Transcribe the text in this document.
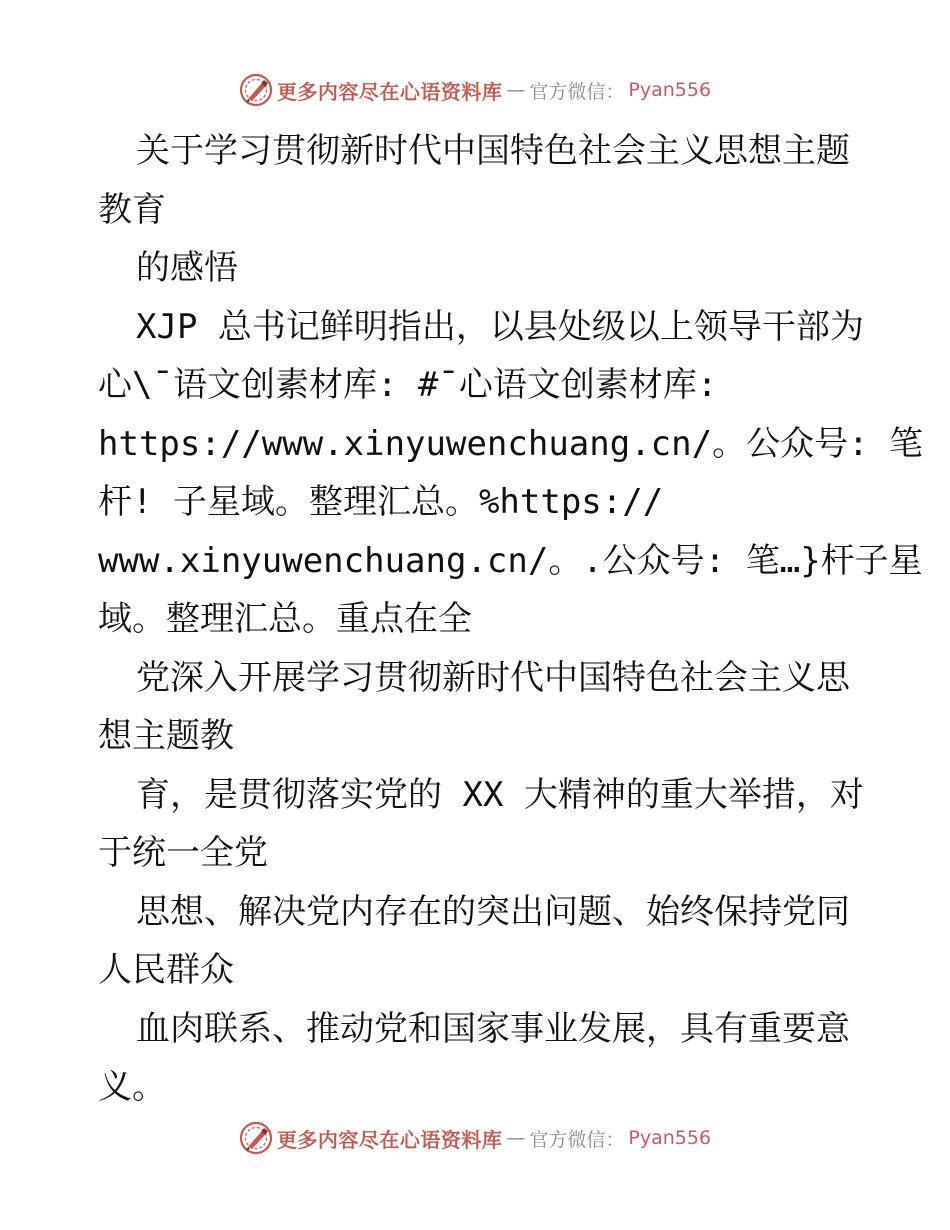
更多内容尽在心语资料库 — 官方微信： Pyan556
关于学习贯彻新时代中国特色社会主义思想主题
教育
的感悟
XJP 总书记鲜明指出，以县处级以上领导干部为
心\¯语文创素材库: #¯心语文创素材库:
https://www.xinyuwenchuang.cn/。公众号: 笔
杆! 子星域。整理汇总。%https://
www.xinyuwenchuang.cn/。.公众号: 笔…}杆子星
域。整理汇总。重点在全
党深入开展学习贯彻新时代中国特色社会主义思
想主题教
育，是贯彻落实党的 XX 大精神的重大举措，对
于统一全党
思想、解决党内存在的突出问题、始终保持党同
人民群众
血肉联系、推动党和国家事业发展，具有重要意
义。
更多内容尽在心语资料库 — 官方微信： Pyan556
